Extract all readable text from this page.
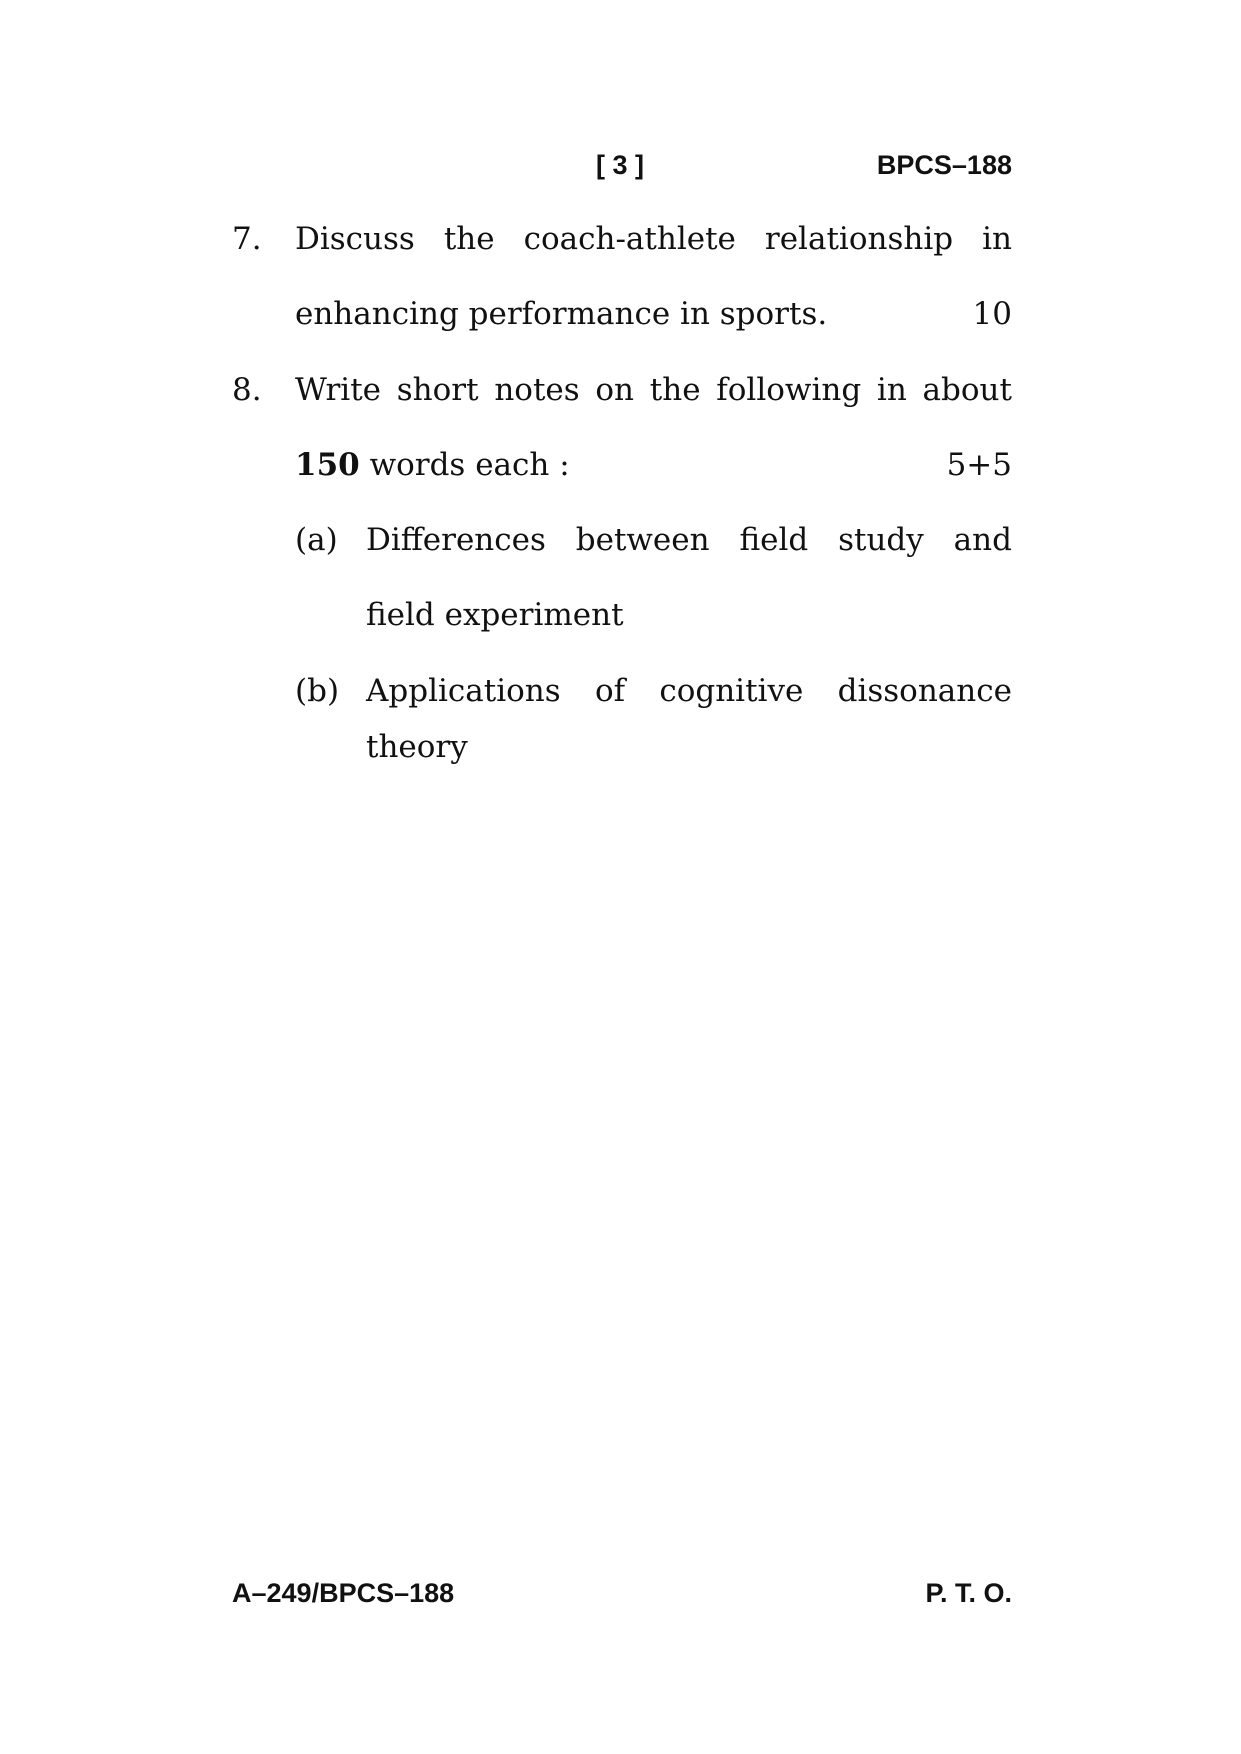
[ 3 ]	BPCS–188
7. Discuss the coach-athlete relationship in
enhancing performance in sports.	10
8. Write short notes on the following in about
150 words each :	5+5
(a) Differences between field study and
field experiment
(b) Applications of cognitive dissonance
theory
A–249/BPCS–188	P. T. O.
